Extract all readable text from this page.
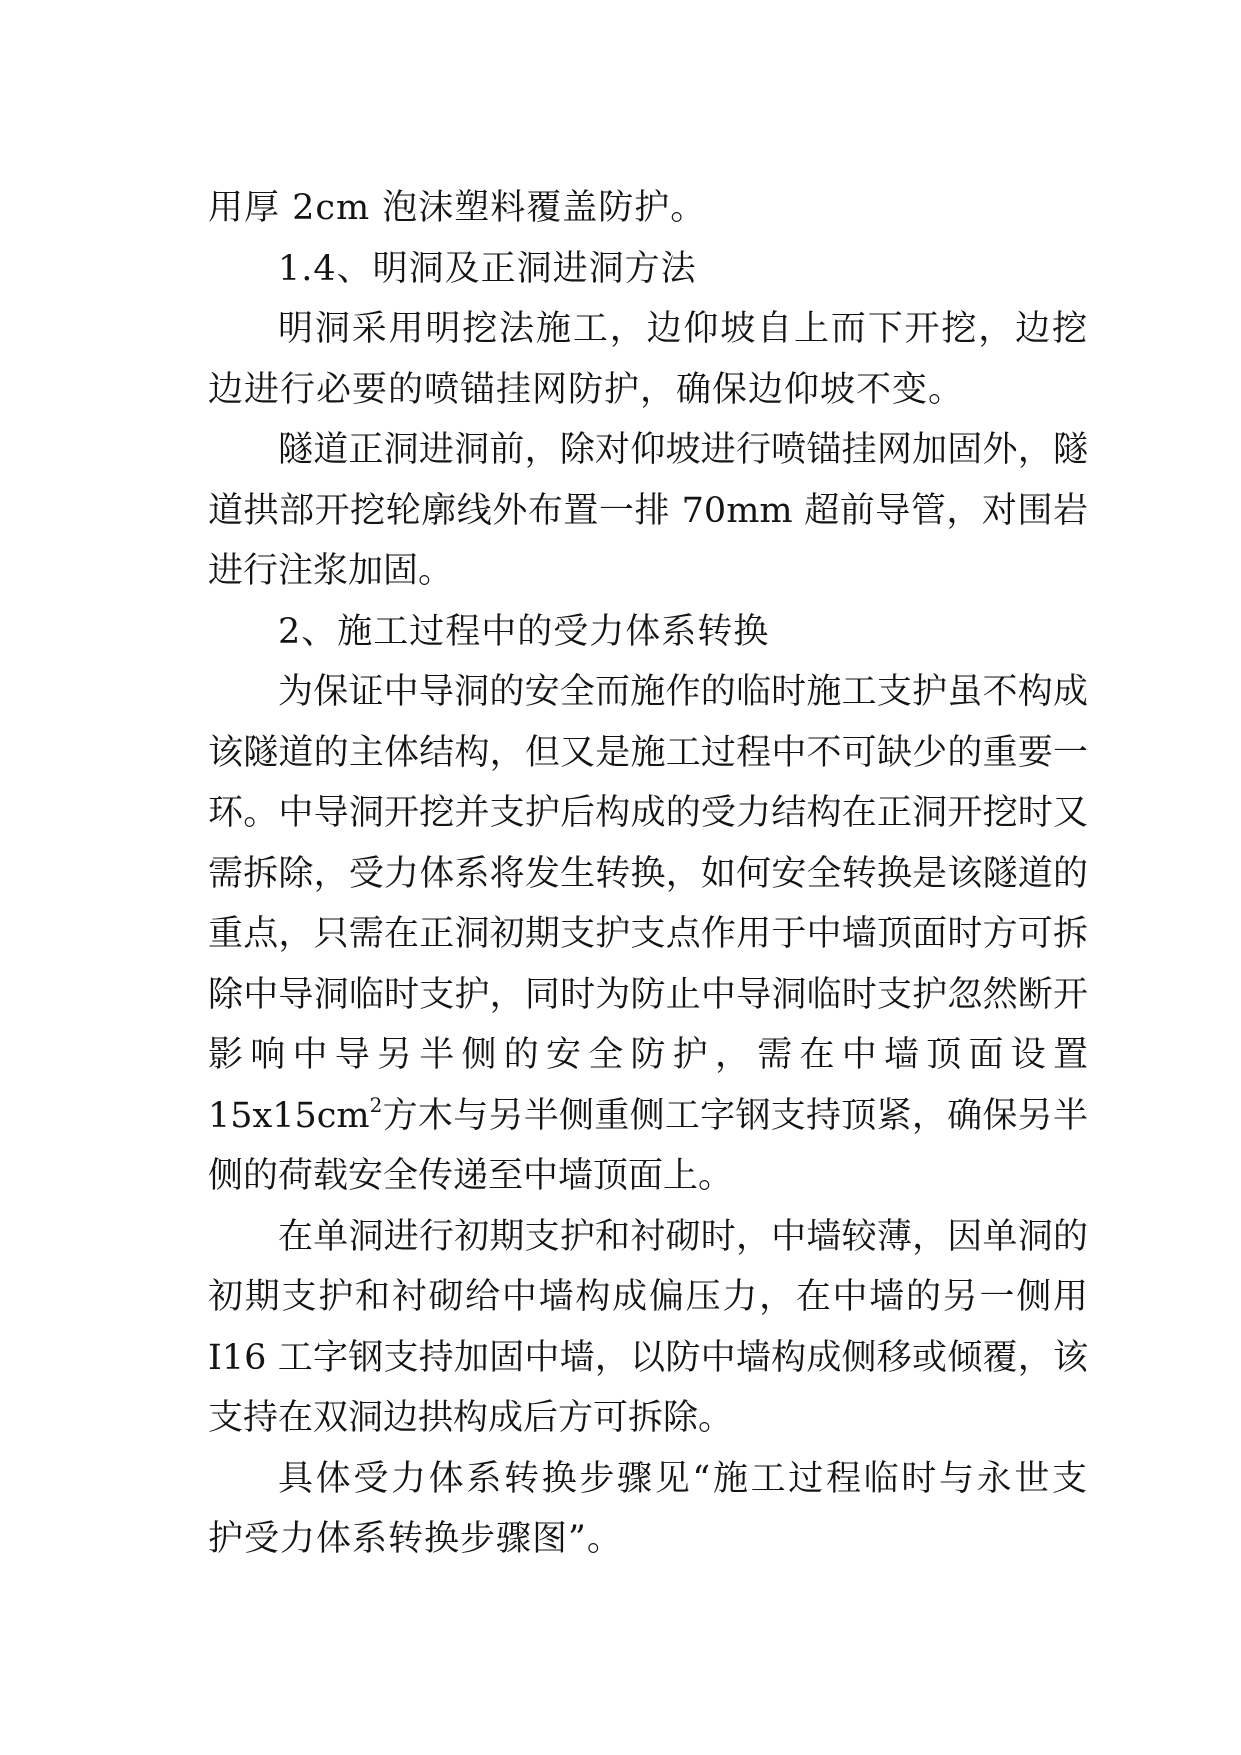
用厚 2cm 泡沫塑料覆盖防护。

1.4、明洞及正洞进洞方法

明洞采用明挖法施工，边仰坡自上而下开挖，边挖边进行必要的喷锚挂网防护，确保边仰坡不变。

隧道正洞进洞前，除对仰坡进行喷锚挂网加固外，隧道拱部开挖轮廓线外布置一排 70mm 超前导管，对围岩进行注浆加固。

2、施工过程中的受力体系转换

为保证中导洞的安全而施作的临时施工支护虽不构成该隧道的主体结构，但又是施工过程中不可缺少的重要一环。中导洞开挖并支护后构成的受力结构在正洞开挖时又需拆除，受力体系将发生转换，如何安全转换是该隧道的重点，只需在正洞初期支护支点作用于中墙顶面时方可拆除中导洞临时支护，同时为防止中导洞临时支护忽然断开影响中导另半侧的安全防护，需在中墙顶面设置 $15x15cm^2$方木与另半侧重侧工字钢支持顶紧，确保另半侧的荷载安全传递至中墙顶面上。

在单洞进行初期支护和衬砌时，中墙较薄，因单洞的初期支护和衬砌给中墙构成偏压力，在中墙的另一侧用 I16 工字钢支持加固中墙，以防中墙构成侧移或倾覆，该支持在双洞边拱构成后方可拆除。

具体受力体系转换步骤见“施工过程临时与永世支护受力体系转换步骤图”。
